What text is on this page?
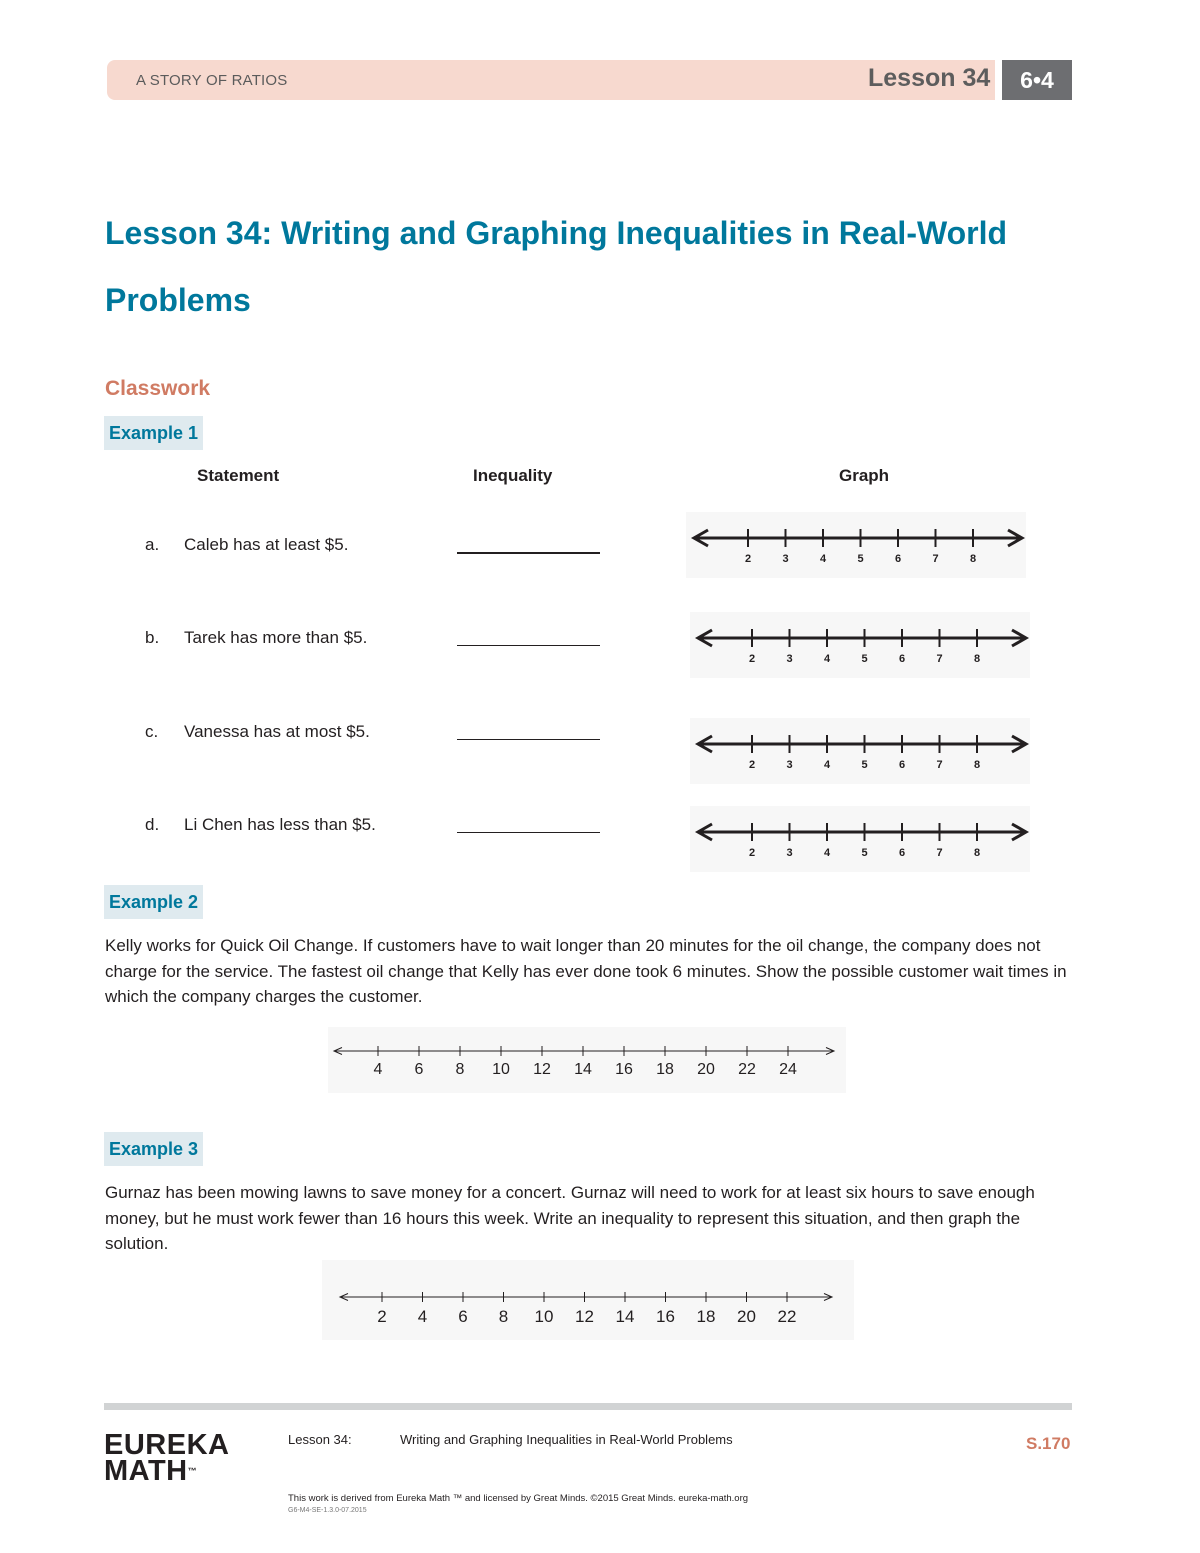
A STORY OF RATIOS	Lesson 34	6•4
Lesson 34: Writing and Graphing Inequalities in Real-World
Problems
Classwork
Example 1
Statement	Inequality	Graph
a. Caleb has at least $5.
2	3	4	5	6	7	8
b. Tarek has more than $5.
2	3	4	5	6	7	8
c. Vanessa has at most $5.
2	3	4	5	6	7	8
d. Li Chen has less than $5.
2	3	4	5	6	7	8
Example 2
Kelly works for Quick Oil Change. If customers have to wait longer than 20 minutes for the oil change, the company does not charge for the service. The fastest oil change that Kelly has ever done took 6 minutes. Show the possible customer wait times in which the company charges the customer.
4 6 8 10 12 14 16 18 20 22 24
Example 3
Gurnaz has been mowing lawns to save money for a concert. Gurnaz will need to work for at least six hours to save enough money, but he must work fewer than 16 hours this week. Write an inequality to represent this situation, and then graph the solution.
2 4 6 8 10 12 14 16 18 20 22
EUREKA
MATH™
Lesson 34:	Writing and Graphing Inequalities in Real-World Problems	S.170
This work is derived from Eureka Math ™ and licensed by Great Minds. ©2015 Great Minds. eureka-math.org
G6-M4-SE-1.3.0-07.2015
